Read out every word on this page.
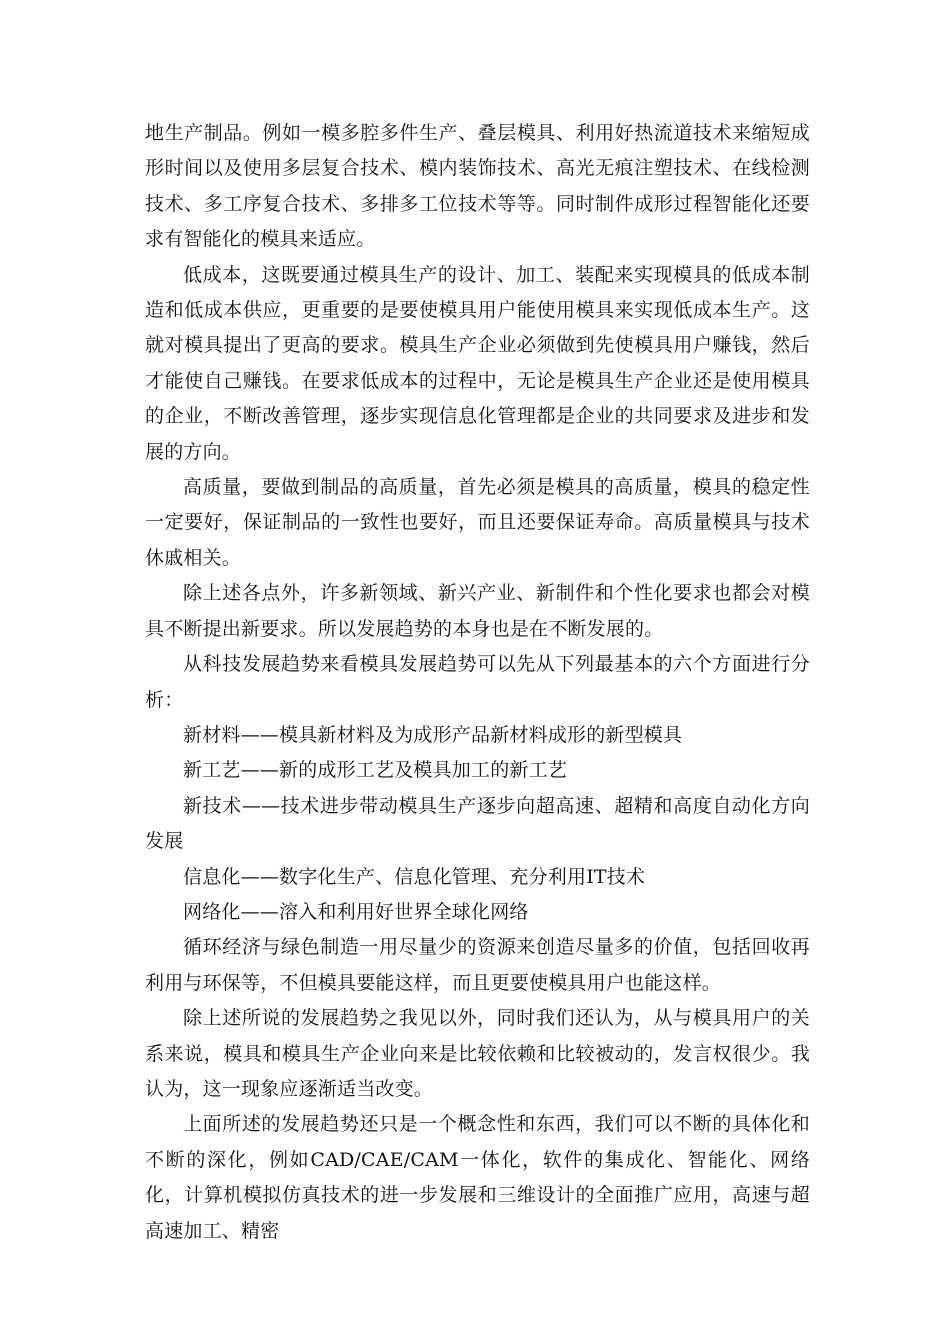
地生产制品。例如一模多腔多件生产、叠层模具、利用好热流道技术来缩短成形时间以及使用多层复合技术、模内装饰技术、高光无痕注塑技术、在线检测技术、多工序复合技术、多排多工位技术等等。同时制件成形过程智能化还要求有智能化的模具来适应。

低成本，这既要通过模具生产的设计、加工、装配来实现模具的低成本制造和低成本供应，更重要的是要使模具用户能使用模具来实现低成本生产。这就对模具提出了更高的要求。模具生产企业必须做到先使模具用户赚钱，然后才能使自己赚钱。在要求低成本的过程中，无论是模具生产企业还是使用模具的企业，不断改善管理，逐步实现信息化管理都是企业的共同要求及进步和发展的方向。

高质量，要做到制品的高质量，首先必须是模具的高质量，模具的稳定性一定要好，保证制品的一致性也要好，而且还要保证寿命。高质量模具与技术休戚相关。

除上述各点外，许多新领域、新兴产业、新制件和个性化要求也都会对模具不断提出新要求。所以发展趋势的本身也是在不断发展的。

从科技发展趋势来看模具发展趋势可以先从下列最基本的六个方面进行分析：

新材料——模具新材料及为成形产品新材料成形的新型模具

新工艺——新的成形工艺及模具加工的新工艺

新技术——技术进步带动模具生产逐步向超高速、超精和高度自动化方向发展

信息化——数字化生产、信息化管理、充分利用IT技术

网络化——溶入和利用好世界全球化网络

循环经济与绿色制造一用尽量少的资源来创造尽量多的价值，包括回收再利用与环保等，不但模具要能这样，而且更要使模具用户也能这样。

除上述所说的发展趋势之我见以外，同时我们还认为，从与模具用户的关系来说，模具和模具生产企业向来是比较依赖和比较被动的，发言权很少。我认为，这一现象应逐渐适当改变。

上面所述的发展趋势还只是一个概念性和东西，我们可以不断的具体化和不断的深化，例如CAD/CAE/CAM一体化，软件的集成化、智能化、网络化，计算机模拟仿真技术的进一步发展和三维设计的全面推广应用，高速与超高速加工、精密
